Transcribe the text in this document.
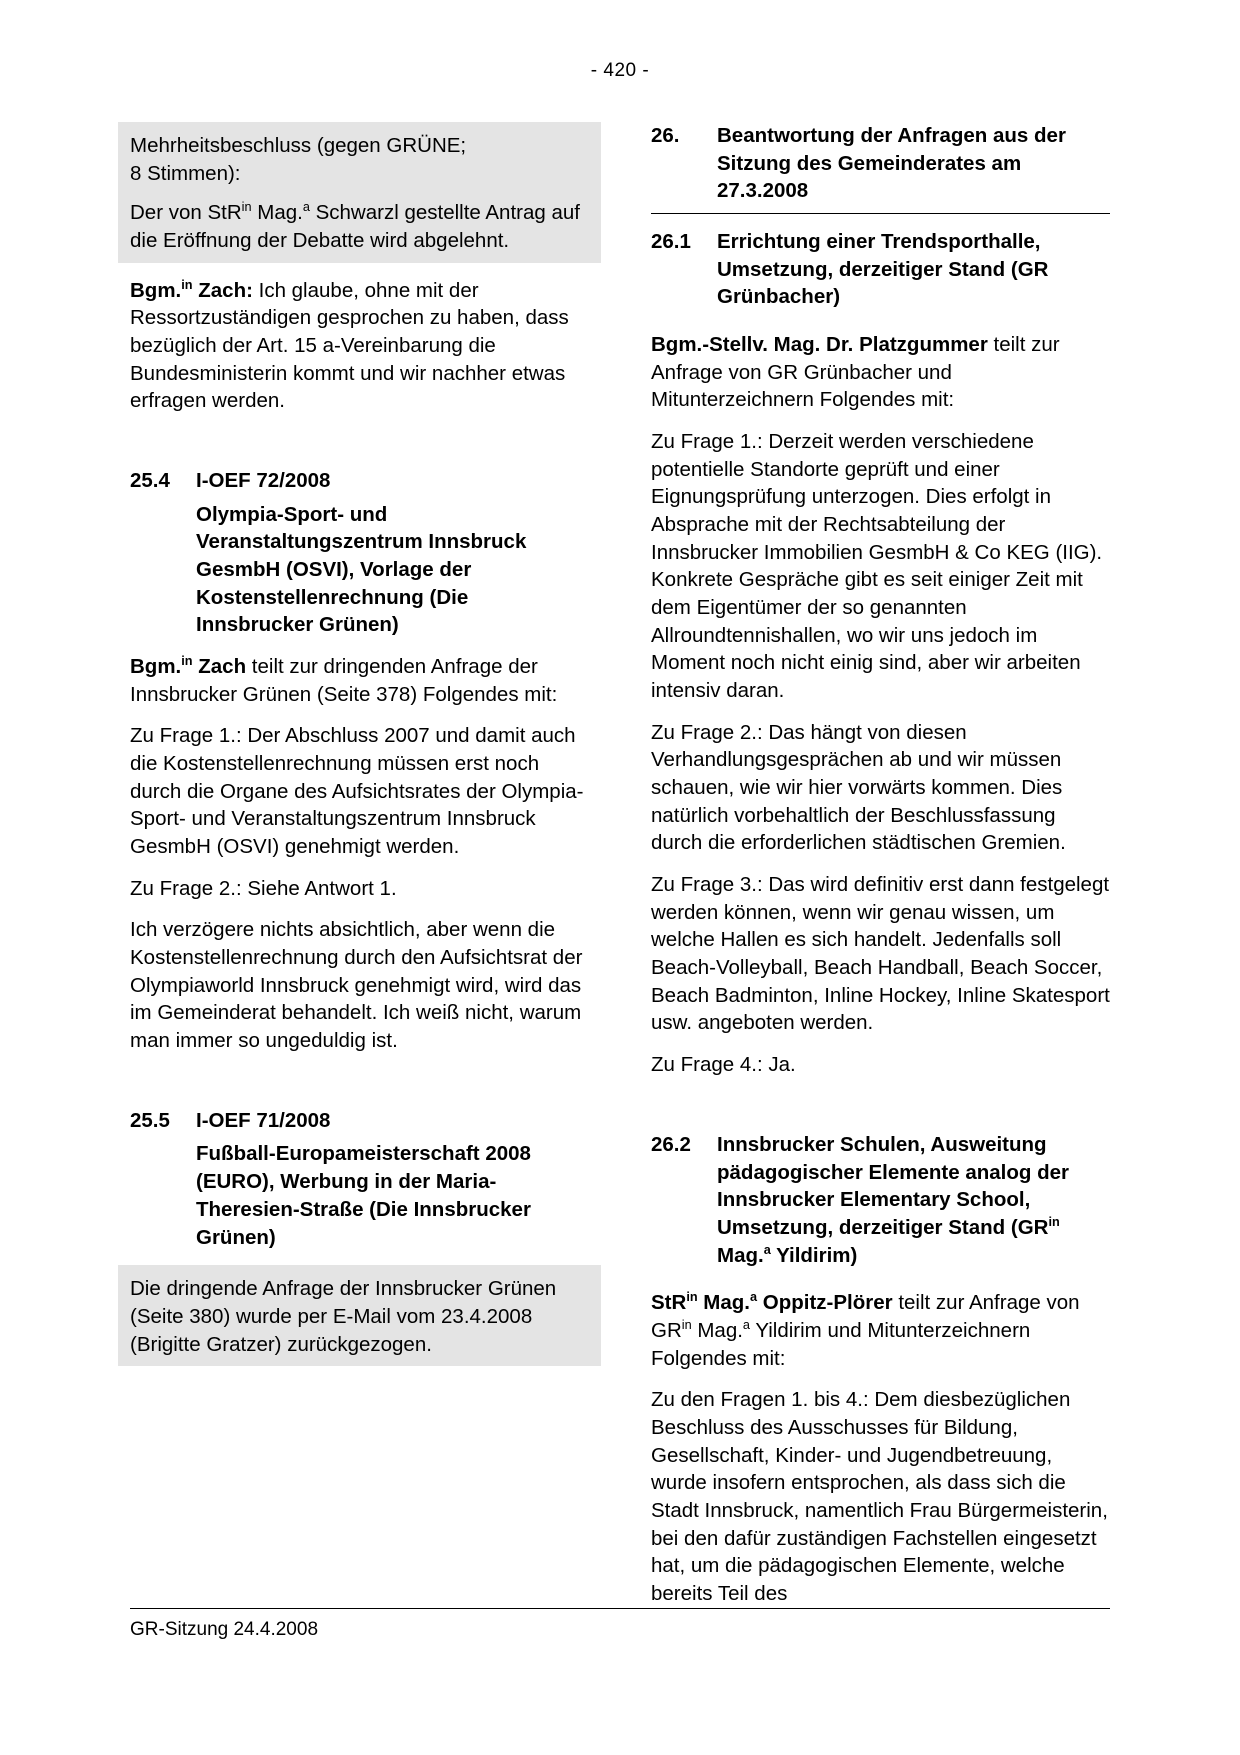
- 420 -

Mehrheitsbeschluss (gegen GRÜNE;
8 Stimmen):

Der von StR$^{in}$ Mag.$^a$ Schwarzl gestellte Antrag auf die Eröffnung der Debatte wird abgelehnt.

Bgm.$^{in}$ Zach: Ich glaube, ohne mit der Ressortzuständigen gesprochen zu haben, dass bezüglich der Art. 15 a-Vereinbarung die Bundesministerin kommt und wir nachher etwas erfragen werden.

25.4	I-OEF 72/2008
Olympia-Sport- und Veranstaltungszentrum Innsbruck GesmbH (OSVI), Vorlage der Kostenstellenrechnung (Die Innsbrucker Grünen)

Bgm.$^{in}$ Zach teilt zur dringenden Anfrage der Innsbrucker Grünen (Seite 378) Folgendes mit:

Zu Frage 1.: Der Abschluss 2007 und damit auch die Kostenstellenrechnung müssen erst noch durch die Organe des Aufsichtsrates der Olympia-Sport- und Veranstaltungszentrum Innsbruck GesmbH (OSVI) genehmigt werden.

Zu Frage 2.: Siehe Antwort 1.

Ich verzögere nichts absichtlich, aber wenn die Kostenstellenrechnung durch den Aufsichtsrat der Olympiaworld Innsbruck genehmigt wird, wird das im Gemeinderat behandelt. Ich weiß nicht, warum man immer so ungeduldig ist.

25.5	I-OEF 71/2008
Fußball-Europameisterschaft 2008 (EURO), Werbung in der Maria-Theresien-Straße (Die Innsbrucker Grünen)

Die dringende Anfrage der Innsbrucker Grünen (Seite 380) wurde per E-Mail vom 23.4.2008 (Brigitte Gratzer) zurückgezogen.

26.	Beantwortung der Anfragen aus der Sitzung des Gemeinderates am 27.3.2008
26.1	Errichtung einer Trendsporthalle, Umsetzung, derzeitiger Stand (GR Grünbacher)

Bgm.-Stellv. Mag. Dr. Platzgummer teilt zur Anfrage von GR Grünbacher und Mitunterzeichnern Folgendes mit:

Zu Frage 1.: Derzeit werden verschiedene potentielle Standorte geprüft und einer Eignungsprüfung unterzogen. Dies erfolgt in Absprache mit der Rechtsabteilung der Innsbrucker Immobilien GesmbH & Co KEG (IIG). Konkrete Gespräche gibt es seit einiger Zeit mit dem Eigentümer der so genannten Allroundtennishallen, wo wir uns jedoch im Moment noch nicht einig sind, aber wir arbeiten intensiv daran.

Zu Frage 2.: Das hängt von diesen Verhandlungsgesprächen ab und wir müssen schauen, wie wir hier vorwärts kommen. Dies natürlich vorbehaltlich der Beschlussfassung durch die erforderlichen städtischen Gremien.

Zu Frage 3.: Das wird definitiv erst dann festgelegt werden können, wenn wir genau wissen, um welche Hallen es sich handelt. Jedenfalls soll Beach-Volleyball, Beach Handball, Beach Soccer, Beach Badminton, Inline Hockey, Inline Skatesport usw. angeboten werden.

Zu Frage 4.: Ja.

26.2	Innsbrucker Schulen, Ausweitung pädagogischer Elemente analog der Innsbrucker Elementary School, Umsetzung, derzeitiger Stand ($GR^{in}$ Mag.$^a$ Yildirim)

StR$^{in}$ Mag.$^a$ Oppitz-Plörer teilt zur Anfrage von $GR^{in}$ Mag.$^a$ Yildirim und Mitunterzeichnern Folgendes mit:

Zu den Fragen 1. bis 4.: Dem diesbezüglichen Beschluss des Ausschusses für Bildung, Gesellschaft, Kinder- und Jugendbetreuung, wurde insofern entsprochen, als dass sich die Stadt Innsbruck, namentlich Frau Bürgermeisterin, bei den dafür zuständigen Fachstellen eingesetzt hat, um die pädagogischen Elemente, welche bereits Teil des

GR-Sitzung 24.4.2008
